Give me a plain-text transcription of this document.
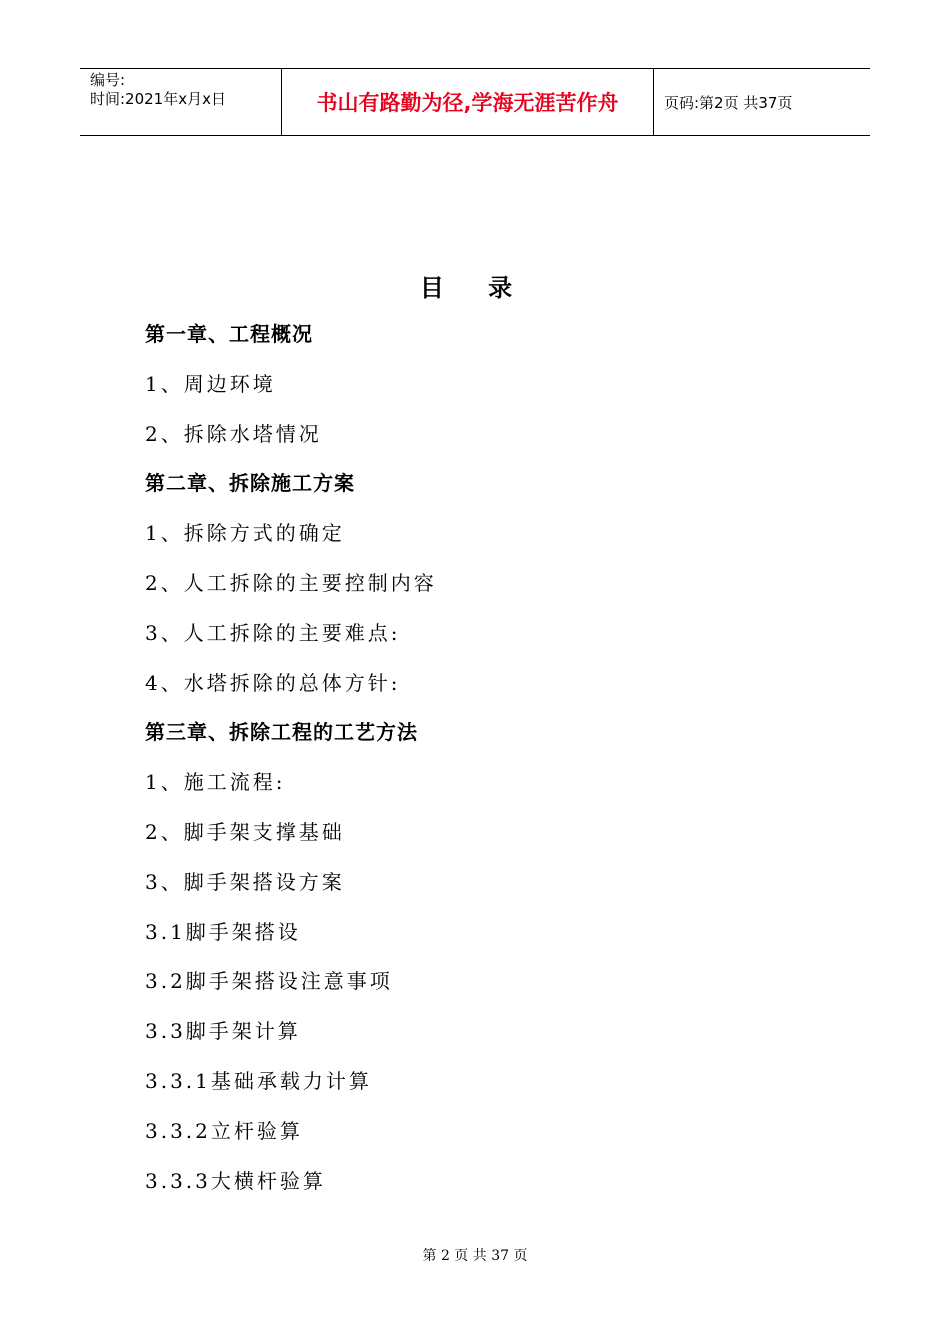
编号:
时间:2021年x月x日	书山有路勤为径,学海无涯苦作舟	页码:第2页 共37页
目 录
第一章、工程概况
1、周边环境
2、拆除水塔情况
第二章、拆除施工方案
1、拆除方式的确定
2、人工拆除的主要控制内容
3、人工拆除的主要难点:
4、水塔拆除的总体方针:
第三章、拆除工程的工艺方法
1、施工流程:
2、脚手架支撑基础
3、脚手架搭设方案
3.1脚手架搭设
3.2脚手架搭设注意事项
3.3脚手架计算
3.3.1基础承载力计算
3.3.2立杆验算
3.3.3大横杆验算
第 2 页 共 37 页
